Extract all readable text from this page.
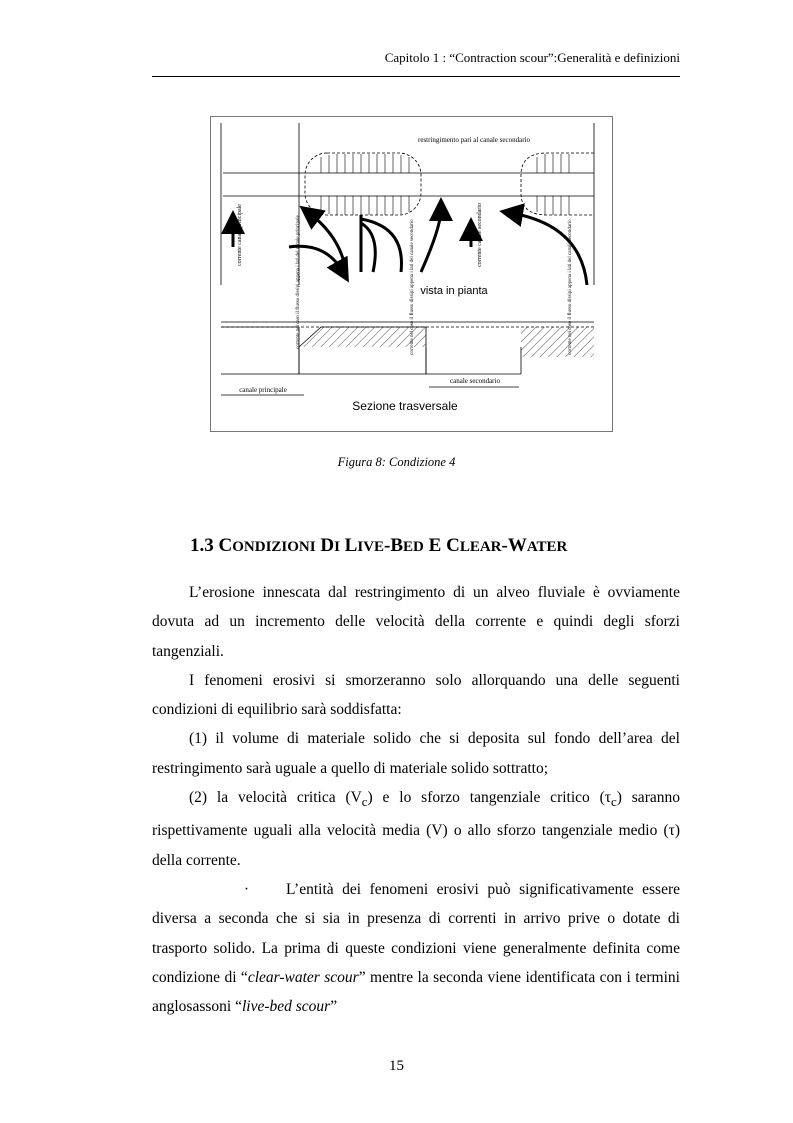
Capitolo 1 : “Contraction scour”:Generalità e definizioni
restringimento pari al canale secondario
corrente canale principale	corrente canale secondario
corrente nel caso il flusso dissipi appena i lati del canale principale	corrente nel caso il flusso dissipi appena i lati del canale secondario	corrente nel caso il flusso dissipi appena i lati del canale secondario
vista in pianta
canale principale
canale secondario
Sezione trasversale
Figura 8: Condizione 4
1.3 CONDIZIONI DI LIVE-BED E CLEAR-WATER

L’erosione innescata dal restringimento di un alveo fluviale è ovviamente dovuta ad un incremento delle velocità della corrente e quindi degli sforzi tangenziali.

I fenomeni erosivi si smorzeranno solo allorquando una delle seguenti condizioni di equilibrio sarà soddisfatta:

(1) il volume di materiale solido che si deposita sul fondo dell’area del restringimento sarà uguale a quello di materiale solido sottratto;

(2) la velocità critica $(V_c)$ e lo sforzo tangenziale critico $(\tau_c)$ saranno rispettivamente uguali alla velocità media (V) o allo sforzo tangenziale medio (τ) della corrente.

· L’entità dei fenomeni erosivi può significativamente essere diversa a seconda che si sia in presenza di correnti in arrivo prive o dotate di trasporto solido. La prima di queste condizioni viene generalmente definita come condizione di “clear-water scour” mentre la seconda viene identificata con i termini anglosassoni “live-bed scour”

15
